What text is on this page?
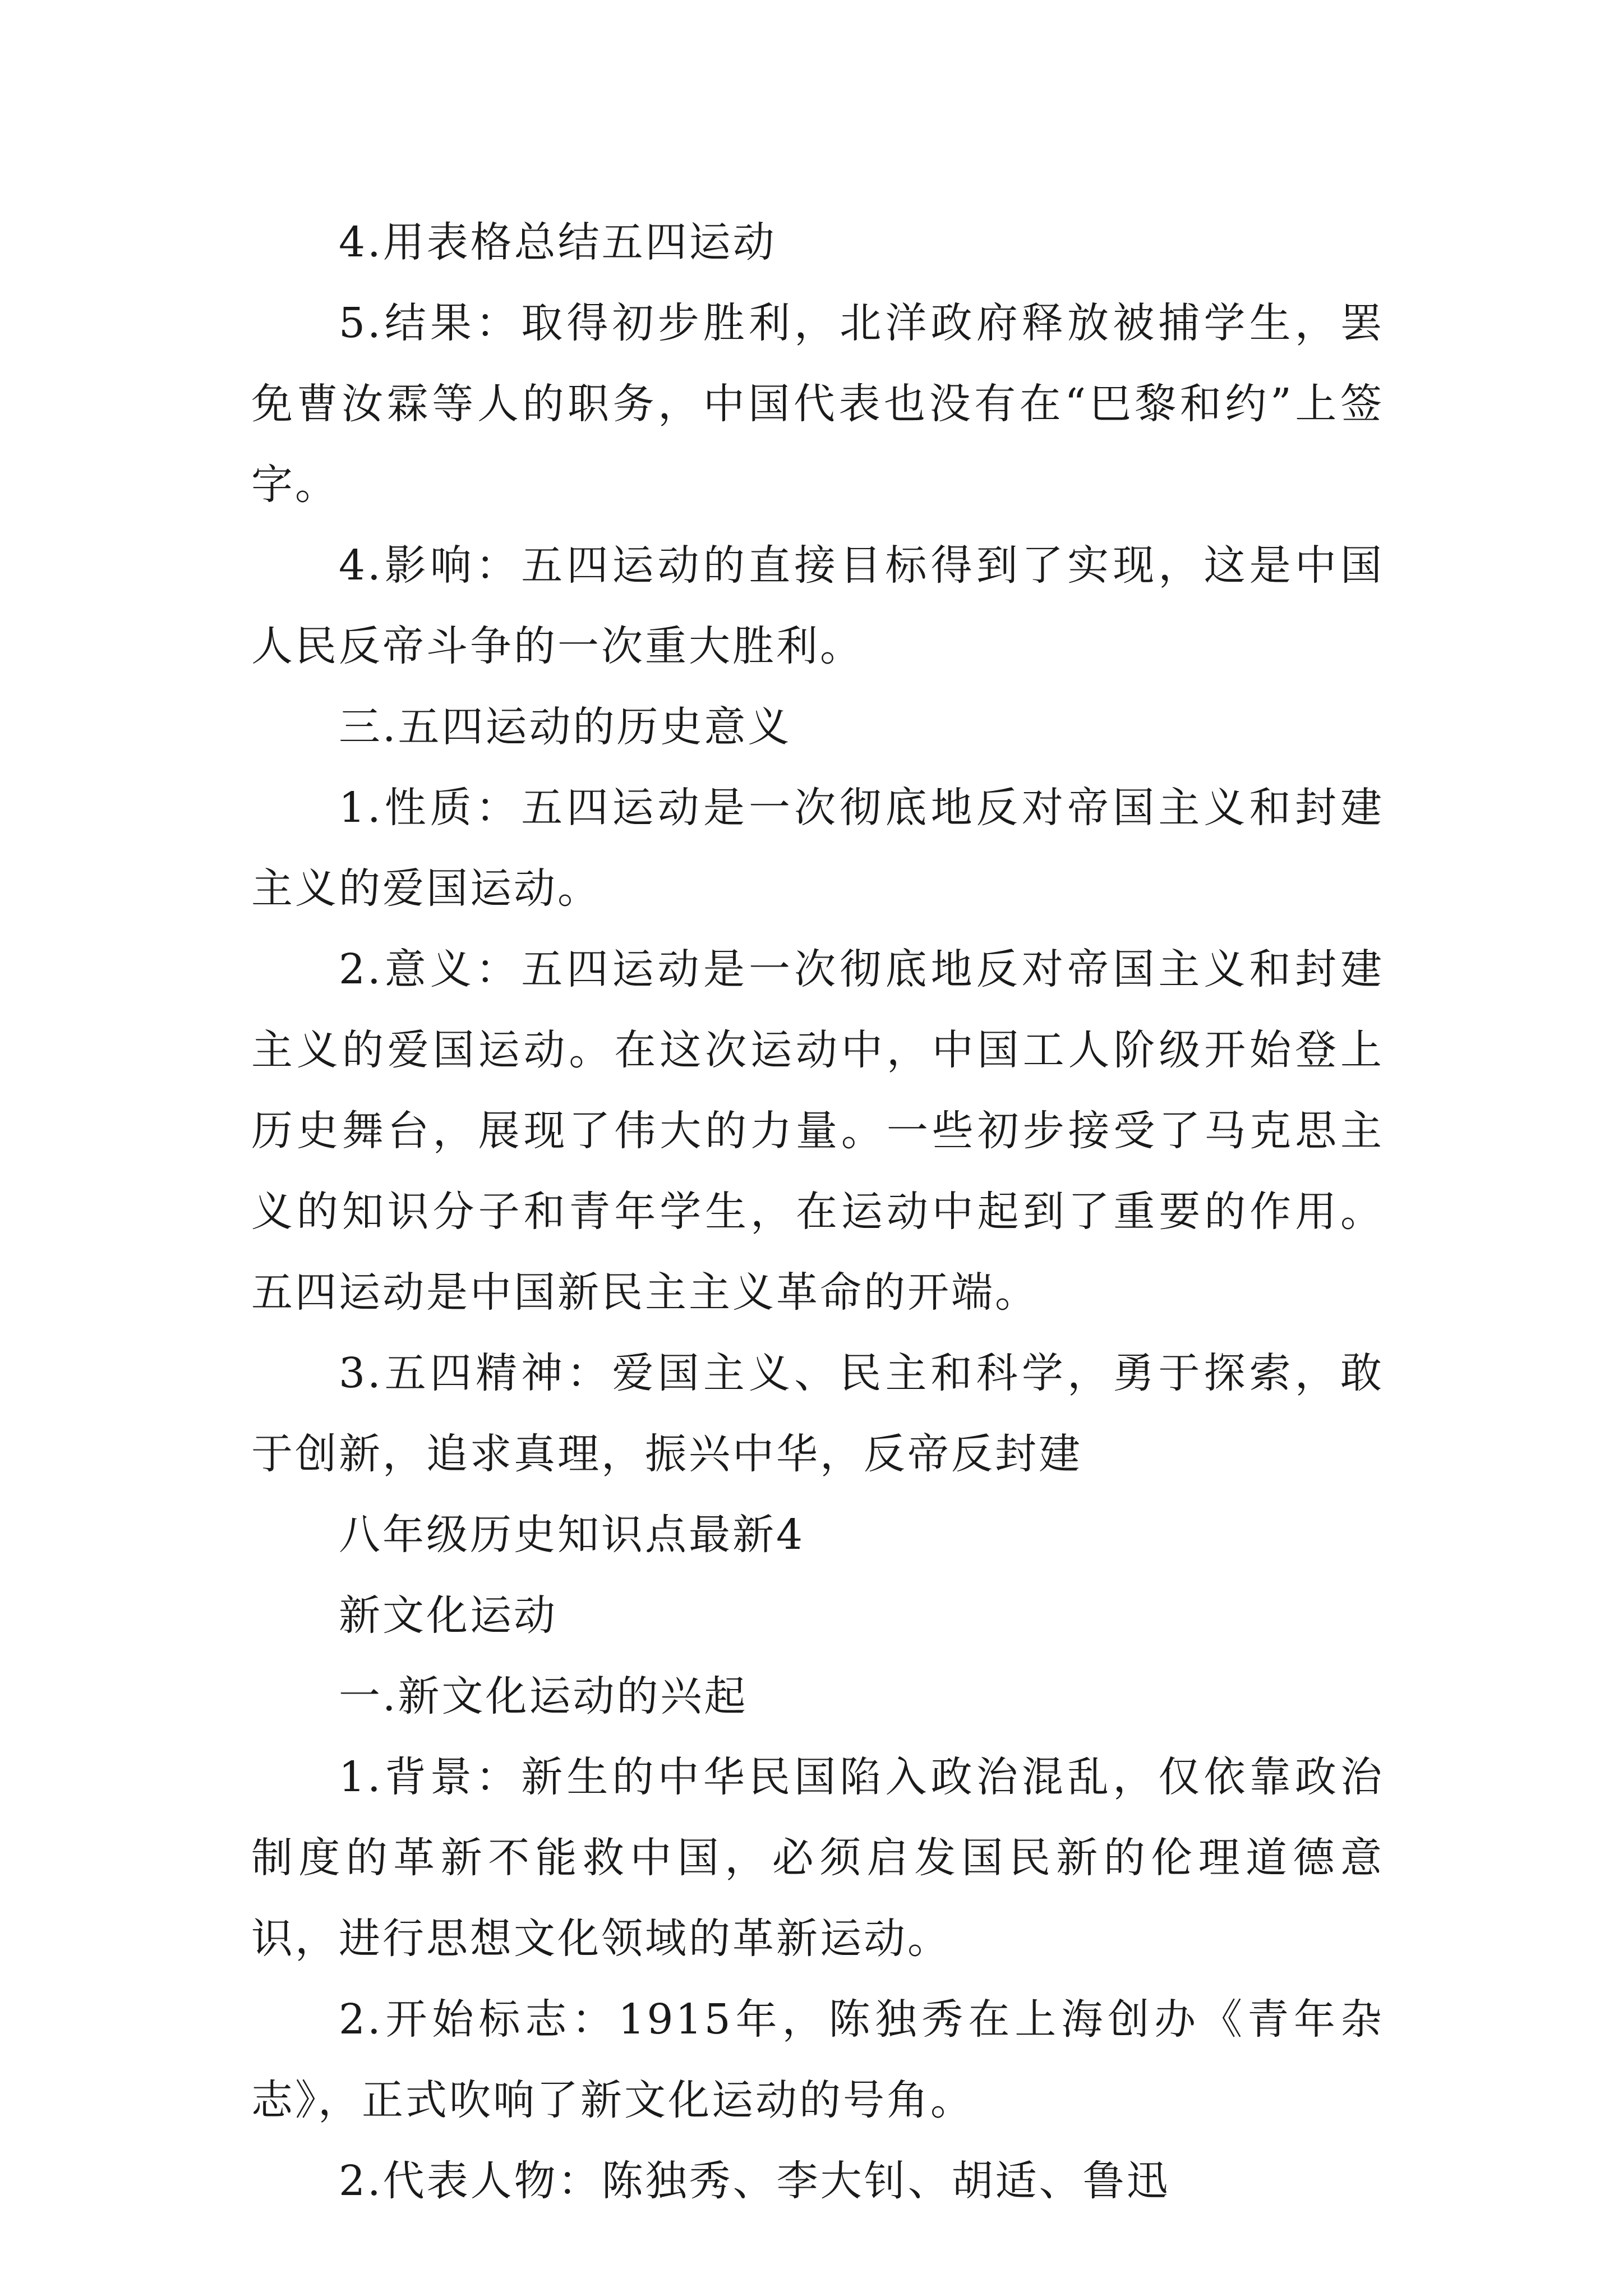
4.用表格总结五四运动

5.结果：取得初步胜利，北洋政府释放被捕学生，罢免曹汝霖等人的职务，中国代表也没有在“巴黎和约”上签字。

4.影响：五四运动的直接目标得到了实现，这是中国人民反帝斗争的一次重大胜利。

三.五四运动的历史意义

1.性质：五四运动是一次彻底地反对帝国主义和封建主义的爱国运动。

2.意义：五四运动是一次彻底地反对帝国主义和封建主义的爱国运动。在这次运动中，中国工人阶级开始登上历史舞台，展现了伟大的力量。一些初步接受了马克思主义的知识分子和青年学生，在运动中起到了重要的作用。五四运动是中国新民主主义革命的开端。

3.五四精神：爱国主义、民主和科学，勇于探索，敢于创新，追求真理，振兴中华，反帝反封建

八年级历史知识点最新4

新文化运动

一.新文化运动的兴起

1.背景：新生的中华民国陷入政治混乱，仅依靠政治制度的革新不能救中国，必须启发国民新的伦理道德意识，进行思想文化领域的革新运动。

2.开始标志：1915年，陈独秀在上海创办《青年杂志》，正式吹响了新文化运动的号角。

2.代表人物：陈独秀、李大钊、胡适、鲁迅
